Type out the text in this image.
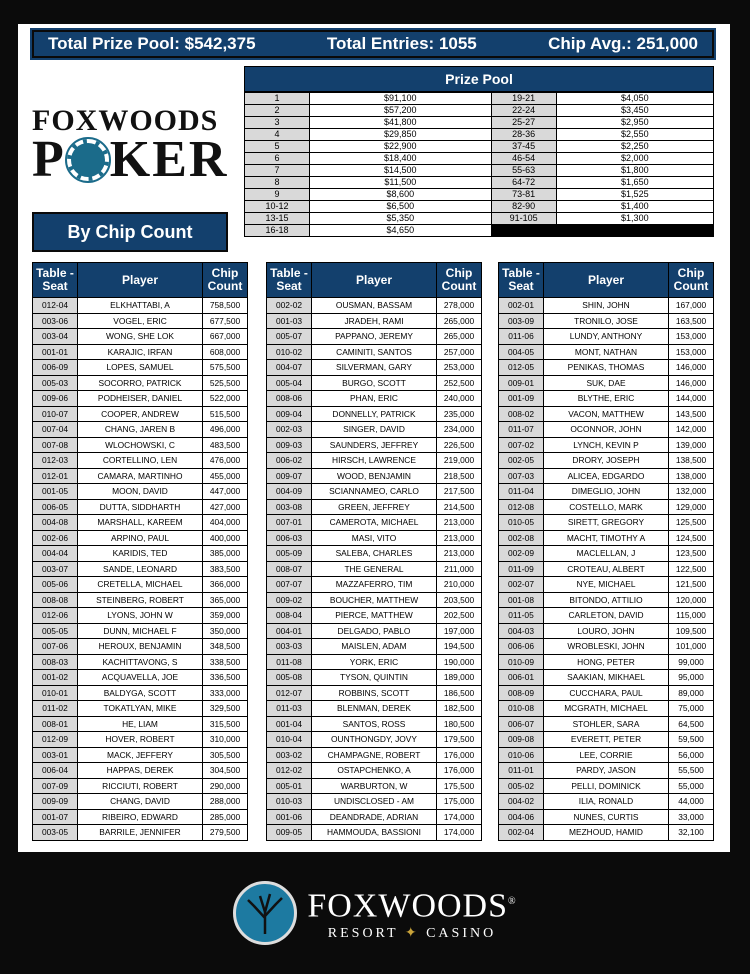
Total Prize Pool: $542,375	Total Entries: 1055	Chip Avg.: 251,000
FOXWOODS
P KER
By Chip Count
Prize Pool
1	$91,100	19-21	$4,050
2	$57,200	22-24	$3,450
3	$41,800	25-27	$2,950
4	$29,850	28-36	$2,550
5	$22,900	37-45	$2,250
6	$18,400	46-54	$2,000
7	$14,500	55-63	$1,800
8	$11,500	64-72	$1,650
9	$8,600	73-81	$1,525
10-12	$6,500	82-90	$1,400
13-15	$5,350	91-105	$1,300
16-18	$4,650		
Table -Seat	Player	Chip Count
012-04	ELKHATTABI, A	758,500
003-06	VOGEL, ERIC	677,500
003-04	WONG, SHE LOK	667,000
001-01	KARAJIC, IRFAN	608,000
006-09	LOPES, SAMUEL	575,500
005-03	SOCORRO, PATRICK	525,500
009-06	PODHEISER, DANIEL	522,000
010-07	COOPER, ANDREW	515,500
007-04	CHANG, JAREN B	496,000
007-08	WLOCHOWSKI, C	483,500
012-03	CORTELLINO, LEN	476,000
012-01	CAMARA, MARTINHO	455,000
001-05	MOON, DAVID	447,000
006-05	DUTTA, SIDDHARTH	427,000
004-08	MARSHALL, KAREEM	404,000
002-06	ARPINO, PAUL	400,000
004-04	KARIDIS, TED	385,000
003-07	SANDE, LEONARD	383,500
005-06	CRETELLA, MICHAEL	366,000
008-08	STEINBERG, ROBERT	365,000
012-06	LYONS, JOHN W	359,000
005-05	DUNN, MICHAEL F	350,000
007-06	HEROUX, BENJAMIN	348,500
008-03	KACHITTAVONG, S	338,500
001-02	ACQUAVELLA, JOE	336,500
010-01	BALDYGA, SCOTT	333,000
011-02	TOKATLYAN, MIKE	329,500
008-01	HE, LIAM	315,500
012-09	HOVER, ROBERT	310,000
003-01	MACK, JEFFERY	305,500
006-04	HAPPAS, DEREK	304,500
007-09	RICCIUTI, ROBERT	290,000
009-09	CHANG, DAVID	288,000
001-07	RIBEIRO, EDWARD	285,000
003-05	BARRILE, JENNIFER	279,500
Table -Seat	Player	Chip Count
002-02	OUSMAN, BASSAM	278,000
001-03	JRADEH, RAMI	265,000
005-07	PAPPANO, JEREMY	265,000
010-02	CAMINITI, SANTOS	257,000
004-07	SILVERMAN, GARY	253,000
005-04	BURGO, SCOTT	252,500
008-06	PHAN, ERIC	240,000
009-04	DONNELLY, PATRICK	235,000
002-03	SINGER, DAVID	234,000
009-03	SAUNDERS, JEFFREY	226,500
006-02	HIRSCH, LAWRENCE	219,000
009-07	WOOD, BENJAMIN	218,500
004-09	SCIANNAMEO, CARLO	217,500
003-08	GREEN, JEFFREY	214,500
007-01	CAMEROTA, MICHAEL	213,000
006-03	MASI, VITO	213,000
005-09	SALEBA, CHARLES	213,000
008-07	THE GENERAL	211,000
007-07	MAZZAFERRO, TIM	210,000
009-02	BOUCHER, MATTHEW	203,500
008-04	PIERCE, MATTHEW	202,500
004-01	DELGADO, PABLO	197,000
003-03	MAISLEN, ADAM	194,500
011-08	YORK, ERIC	190,000
005-08	TYSON, QUINTIN	189,000
012-07	ROBBINS, SCOTT	186,500
011-03	BLENMAN, DEREK	182,500
001-04	SANTOS, ROSS	180,500
010-04	OUNTHONGDY, JOVY	179,500
003-02	CHAMPAGNE, ROBERT	176,000
012-02	OSTAPCHENKO, A	176,000
005-01	WARBURTON, W	175,500
010-03	UNDISCLOSED - AM	175,000
001-06	DEANDRADE, ADRIAN	174,000
009-05	HAMMOUDA, BASSIONI	174,000
Table -Seat	Player	Chip Count
002-01	SHIN, JOHN	167,000
003-09	TRONILO, JOSE	163,500
011-06	LUNDY, ANTHONY	153,000
004-05	MONT, NATHAN	153,000
012-05	PENIKAS, THOMAS	146,000
009-01	SUK, DAE	146,000
001-09	BLYTHE, ERIC	144,000
008-02	VACON, MATTHEW	143,500
011-07	OCONNOR, JOHN	142,000
007-02	LYNCH, KEVIN P	139,000
002-05	DRORY, JOSEPH	138,500
007-03	ALICEA, EDGARDO	138,000
011-04	DIMEGLIO, JOHN	132,000
012-08	COSTELLO, MARK	129,000
010-05	SIRETT, GREGORY	125,500
002-08	MACHT, TIMOTHY A	124,500
002-09	MACLELLAN, J	123,500
011-09	CROTEAU, ALBERT	122,500
002-07	NYE, MICHAEL	121,500
001-08	BITONDO, ATTILIO	120,000
011-05	CARLETON, DAVID	115,000
004-03	LOURO, JOHN	109,500
006-06	WROBLESKI, JOHN	101,000
010-09	HONG, PETER	99,000
006-01	SAAKIAN, MIKHAEL	95,000
008-09	CUCCHARA, PAUL	89,000
010-08	MCGRATH, MICHAEL	75,000
006-07	STOHLER, SARA	64,500
009-08	EVERETT, PETER	59,500
010-06	LEE, CORRIE	56,000
011-01	PARDY, JASON	55,500
005-02	PELLI, DOMINICK	55,000
004-02	ILIA, RONALD	44,000
004-06	NUNES, CURTIS	33,000
002-04	MEZHOUD, HAMID	32,100
FOXWOODS®
RESORT ✦ CASINO
